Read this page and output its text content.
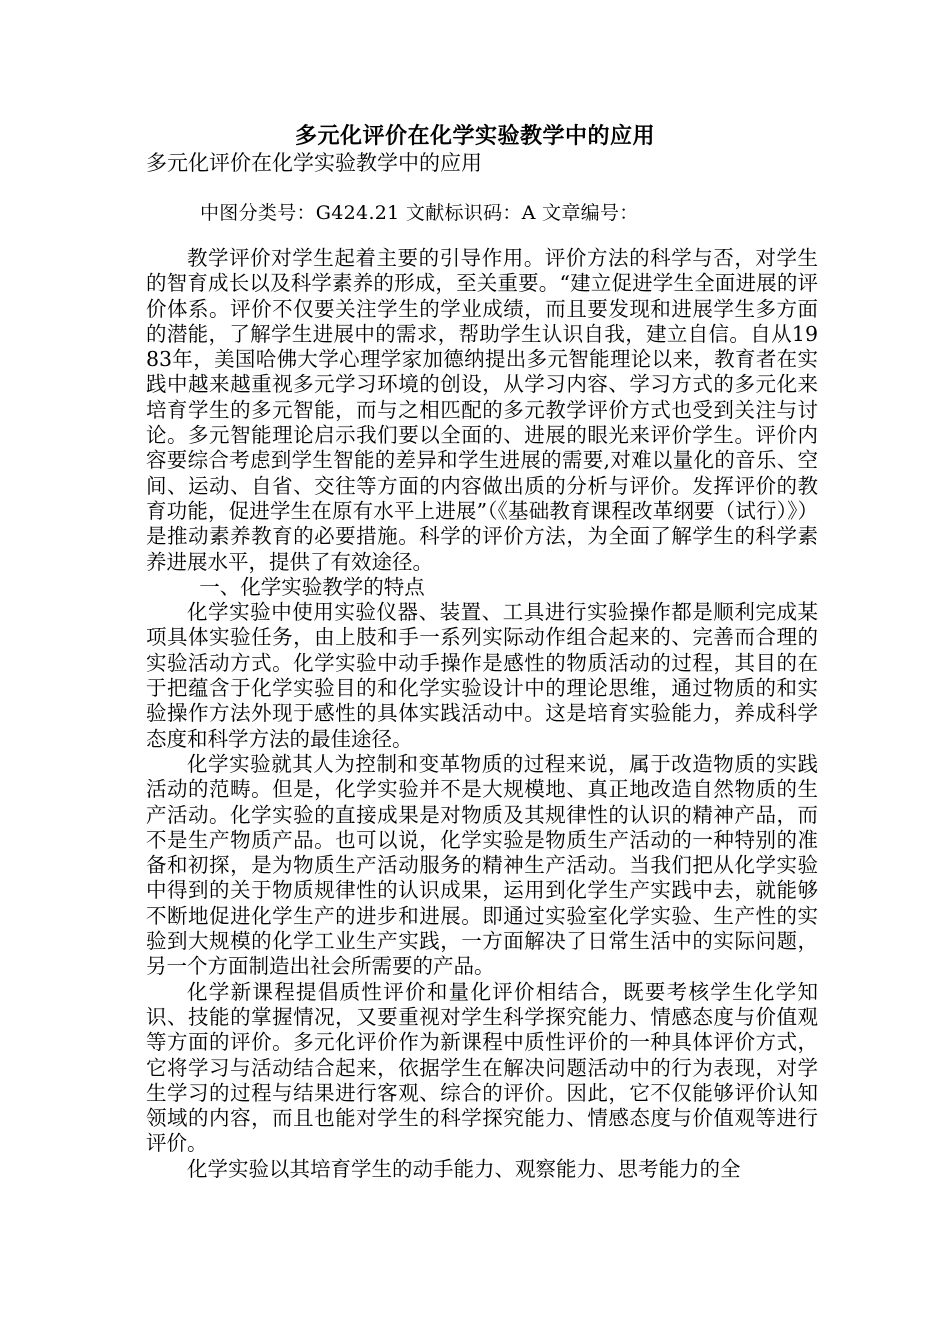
多元化评价在化学实验教学中的应用
多元化评价在化学实验教学中的应用
中图分类号：G424.21 文献标识码：A 文章编号：

教学评价对学生起着主要的引导作用。评价方法的科学与否，对学生的智育成长以及科学素养的形成，至关重要。“建立促进学生全面进展的评价体系。评价不仅要关注学生的学业成绩，而且要发现和进展学生多方面的潜能，了解学生进展中的需求，帮助学生认识自我，建立自信。自从1983年，美国哈佛大学心理学家加德纳提出多元智能理论以来，教育者在实践中越来越重视多元学习环境的创设，从学习内容、学习方式的多元化来培育学生的多元智能，而与之相匹配的多元教学评价方式也受到关注与讨论。多元智能理论启示我们要以全面的、进展的眼光来评价学生。评价内容要综合考虑到学生智能的差异和学生进展的需要,对难以量化的音乐、空间、运动、自省、交往等方面的内容做出质的分析与评价。发挥评价的教育功能，促进学生在原有水平上进展”（《基础教育课程改革纲要（试行）》）是推动素养教育的必要措施。科学的评价方法，为全面了解学生的科学素养进展水平，提供了有效途径。

一、化学实验教学的特点

化学实验中使用实验仪器、装置、工具进行实验操作都是顺利完成某项具体实验任务，由上肢和手一系列实际动作组合起来的、完善而合理的实验活动方式。化学实验中动手操作是感性的物质活动的过程，其目的在于把蕴含于化学实验目的和化学实验设计中的理论思维，通过物质的和实验操作方法外现于感性的具体实践活动中。这是培育实验能力，养成科学态度和科学方法的最佳途径。

化学实验就其人为控制和变革物质的过程来说，属于改造物质的实践活动的范畴。但是，化学实验并不是大规模地、真正地改造自然物质的生产活动。化学实验的直接成果是对物质及其规律性的认识的精神产品，而不是生产物质产品。也可以说，化学实验是物质生产活动的一种特别的准备和初探，是为物质生产活动服务的精神生产活动。当我们把从化学实验中得到的关于物质规律性的认识成果，运用到化学生产实践中去，就能够不断地促进化学生产的进步和进展。即通过实验室化学实验、生产性的实验到大规模的化学工业生产实践，一方面解决了日常生活中的实际问题，另一个方面制造出社会所需要的产品。

化学新课程提倡质性评价和量化评价相结合，既要考核学生化学知识、技能的掌握情况，又要重视对学生科学探究能力、情感态度与价值观等方面的评价。多元化评价作为新课程中质性评价的一种具体评价方式，它将学习与活动结合起来，依据学生在解决问题活动中的行为表现，对学生学习的过程与结果进行客观、综合的评价。因此，它不仅能够评价认知领域的内容，而且也能对学生的科学探究能力、情感态度与价值观等进行评价。

化学实验以其培育学生的动手能力、观察能力、思考能力的全
